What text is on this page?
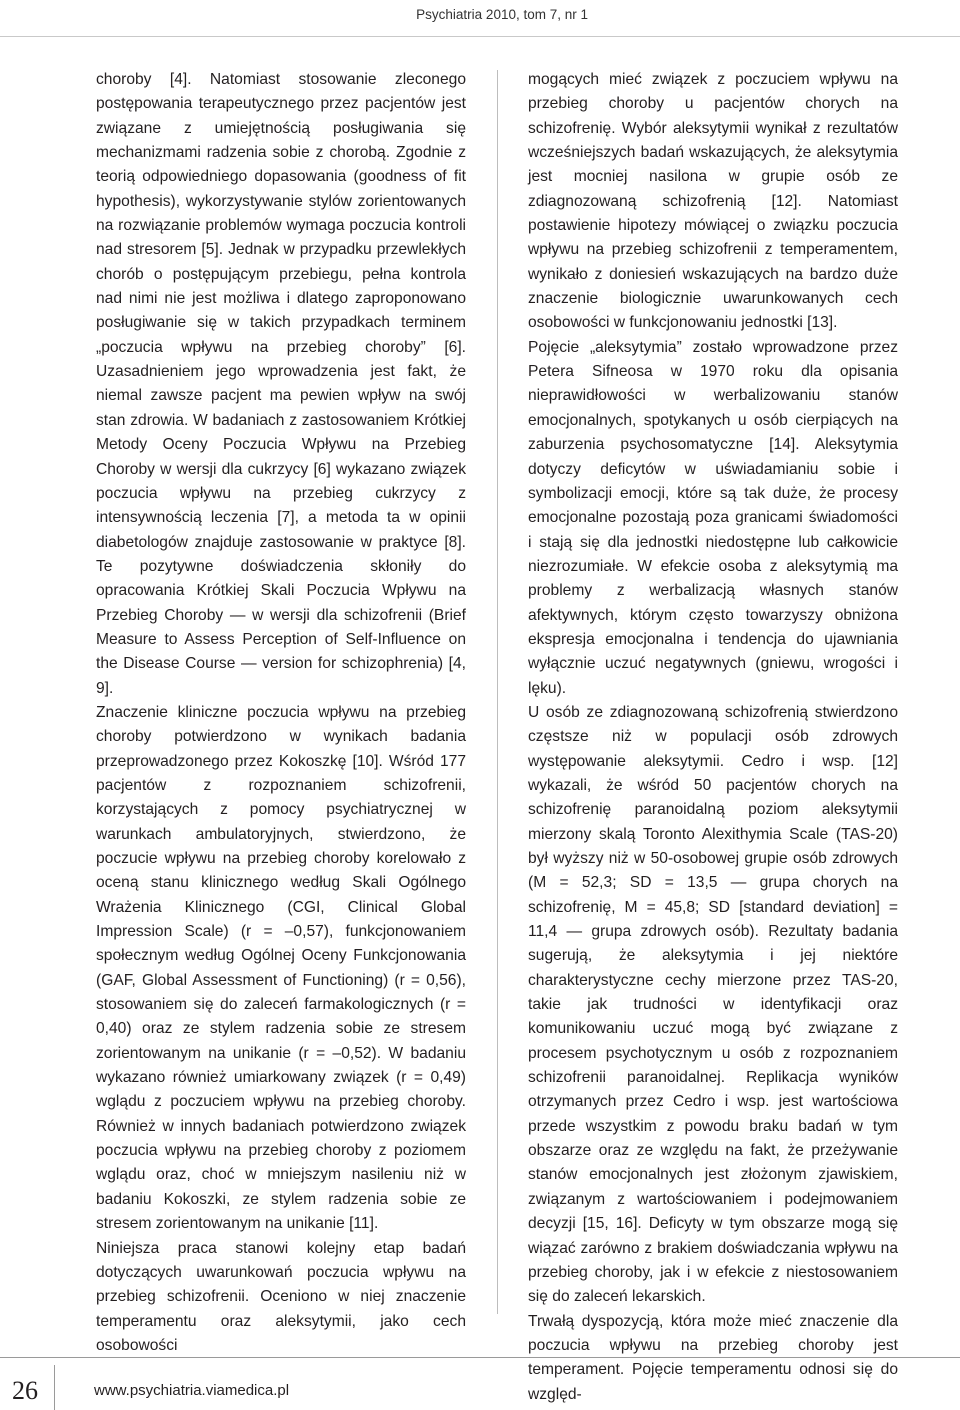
Psychiatria 2010, tom 7, nr 1

choroby [4]. Natomiast stosowanie zleconego postępowania terapeutycznego przez pacjentów jest związane z umiejętnością posługiwania się mechanizmami radzenia sobie z chorobą. Zgodnie z teorią odpowiedniego dopasowania (goodness of fit hypothesis), wykorzystywanie stylów zorientowanych na rozwiązanie problemów wymaga poczucia kontroli nad stresorem [5]. Jednak w przypadku przewlekłych chorób o postępującym przebiegu, pełna kontrola nad nimi nie jest możliwa i dlatego zaproponowano posługiwanie się w takich przypadkach terminem „poczucia wpływu na przebieg choroby” [6]. Uzasadnieniem jego wprowadzenia jest fakt, że niemal zawsze pacjent ma pewien wpływ na swój stan zdrowia. W badaniach z zastosowaniem Krótkiej Metody Oceny Poczucia Wpływu na Przebieg Choroby w wersji dla cukrzycy [6] wykazano związek poczucia wpływu na przebieg cukrzycy z intensywnością leczenia [7], a metoda ta w opinii diabetologów znajduje zastosowanie w praktyce [8]. Te pozytywne doświadczenia skłoniły do opracowania Krótkiej Skali Poczucia Wpływu na Przebieg Choroby — w wersji dla schizofrenii (Brief Measure to Assess Perception of Self-Influence on the Disease Course — version for schizophrenia) [4, 9].

Znaczenie kliniczne poczucia wpływu na przebieg choroby potwierdzono w wynikach badania przeprowadzonego przez Kokoszkę [10]. Wśród 177 pacjentów z rozpoznaniem schizofrenii, korzystających z pomocy psychiatrycznej w warunkach ambulatoryjnych, stwierdzono, że poczucie wpływu na przebieg choroby korelowało z oceną stanu klinicznego według Skali Ogólnego Wrażenia Klinicznego (CGI, Clinical Global Impression Scale) (r = –0,57), funkcjonowaniem społecznym według Ogólnej Oceny Funkcjonowania (GAF, Global Assessment of Functioning) (r = 0,56), stosowaniem się do zaleceń farmakologicznych (r = 0,40) oraz ze stylem radzenia sobie ze stresem zorientowanym na unikanie (r = –0,52). W badaniu wykazano również umiarkowany związek (r = 0,49) wglądu z poczuciem wpływu na przebieg choroby. Również w innych badaniach potwierdzono związek poczucia wpływu na przebieg choroby z poziomem wglądu oraz, choć w mniejszym nasileniu niż w badaniu Kokoszki, ze stylem radzenia sobie ze stresem zorientowanym na unikanie [11].

Niniejsza praca stanowi kolejny etap badań dotyczących uwarunkowań poczucia wpływu na przebieg schizofrenii. Oceniono w niej znaczenie temperamentu oraz aleksytymii, jako cech osobowości

mogących mieć związek z poczuciem wpływu na przebieg choroby u pacjentów chorych na schizofrenię. Wybór aleksytymii wynikał z rezultatów wcześniejszych badań wskazujących, że aleksytymia jest mocniej nasilona w grupie osób ze zdiagnozowaną schizofrenią [12]. Natomiast postawienie hipotezy mówiącej o związku poczucia wpływu na przebieg schizofrenii z temperamentem, wynikało z doniesień wskazujących na bardzo duże znaczenie biologicznie uwarunkowanych cech osobowości w funkcjonowaniu jednostki [13].

Pojęcie „aleksytymia” zostało wprowadzone przez Petera Sifneosa w 1970 roku dla opisania nieprawidłowości w werbalizowaniu stanów emocjonalnych, spotykanych u osób cierpiących na zaburzenia psychosomatyczne [14]. Aleksytymia dotyczy deficytów w uświadamianiu sobie i symbolizacji emocji, które są tak duże, że procesy emocjonalne pozostają poza granicami świadomości i stają się dla jednostki niedostępne lub całkowicie niezrozumiałe. W efekcie osoba z aleksytymią ma problemy z werbalizacją własnych stanów afektywnych, którym często towarzyszy obniżona ekspresja emocjonalna i tendencja do ujawniania wyłącznie uczuć negatywnych (gniewu, wrogości i lęku).

U osób ze zdiagnozowaną schizofrenią stwierdzono częstsze niż w populacji osób zdrowych występowanie aleksytymii. Cedro i wsp. [12] wykazali, że wśród 50 pacjentów chorych na schizofrenię paranoidalną poziom aleksytymii mierzony skalą Toronto Alexithymia Scale (TAS-20) był wyższy niż w 50-osobowej grupie osób zdrowych (M = 52,3; SD = 13,5 — grupa chorych na schizofrenię, M = 45,8; SD [standard deviation] = 11,4 — grupa zdrowych osób). Rezultaty badania sugerują, że aleksytymia i jej niektóre charakterystyczne cechy mierzone przez TAS-20, takie jak trudności w identyfikacji oraz komunikowaniu uczuć mogą być związane z procesem psychotycznym u osób z rozpoznaniem schizofrenii paranoidalnej. Replikacja wyników otrzymanych przez Cedro i wsp. jest wartościowa przede wszystkim z powodu braku badań w tym obszarze oraz ze względu na fakt, że przeżywanie stanów emocjonalnych jest złożonym zjawiskiem, związanym z wartościowaniem i podejmowaniem decyzji [15, 16]. Deficyty w tym obszarze mogą się wiązać zarówno z brakiem doświadczania wpływu na przebieg choroby, jak i w efekcie z niestosowaniem się do zaleceń lekarskich.

Trwałą dyspozycją, która może mieć znaczenie dla poczucia wpływu na przebieg choroby jest temperament. Pojęcie temperamentu odnosi się do względ-

26	www.psychiatria.viamedica.pl
